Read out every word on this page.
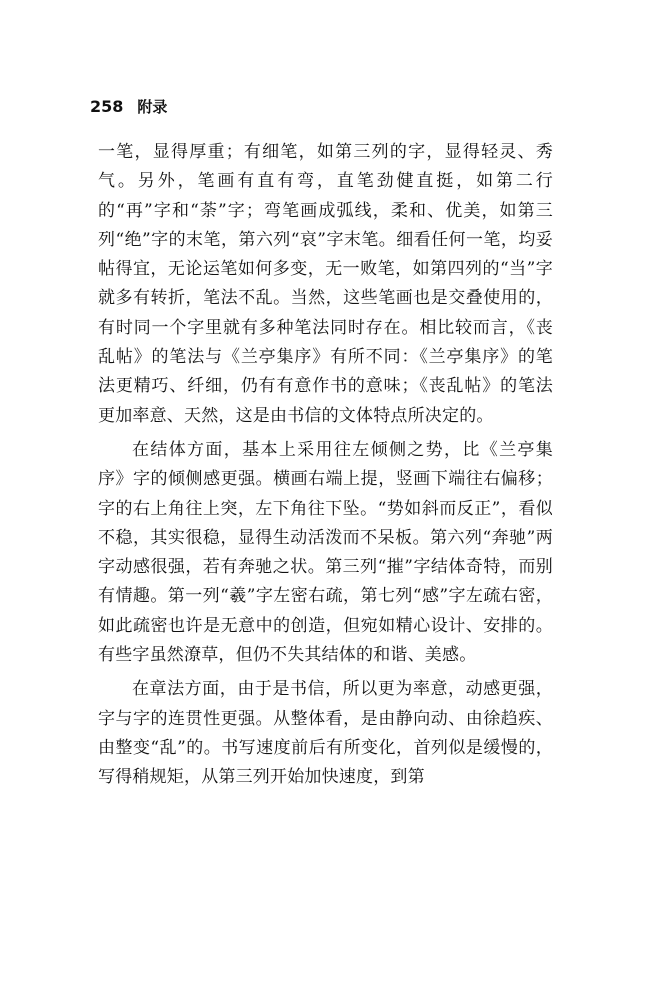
258 附录

一笔，显得厚重；有细笔，如第三列的字，显得轻灵、秀气。另外，笔画有直有弯，直笔劲健直挺，如第二行的“再”字和“荼”字；弯笔画成弧线，柔和、优美，如第三列“绝”字的末笔，第六列“哀”字末笔。细看任何一笔，均妥帖得宜，无论运笔如何多变，无一败笔，如第四列的“当”字就多有转折，笔法不乱。当然，这些笔画也是交叠使用的，有时同一个字里就有多种笔法同时存在。相比较而言，《丧乱帖》的笔法与《兰亭集序》有所不同：《兰亭集序》的笔法更精巧、纤细，仍有有意作书的意味；《丧乱帖》的笔法更加率意、天然，这是由书信的文体特点所决定的。

在结体方面，基本上采用往左倾侧之势，比《兰亭集序》字的倾侧感更强。横画右端上提，竖画下端往右偏移；字的右上角往上突，左下角往下坠。“势如斜而反正”，看似不稳，其实很稳，显得生动活泼而不呆板。第六列“奔驰”两字动感很强，若有奔驰之状。第三列“摧”字结体奇特，而别有情趣。第一列“羲”字左密右疏，第七列“感”字左疏右密，如此疏密也许是无意中的创造，但宛如精心设计、安排的。有些字虽然潦草，但仍不失其结体的和谐、美感。

在章法方面，由于是书信，所以更为率意，动感更强，字与字的连贯性更强。从整体看，是由静向动、由徐趋疾、由整变“乱”的。书写速度前后有所变化，首列似是缓慢的，写得稍规矩，从第三列开始加快速度，到第
